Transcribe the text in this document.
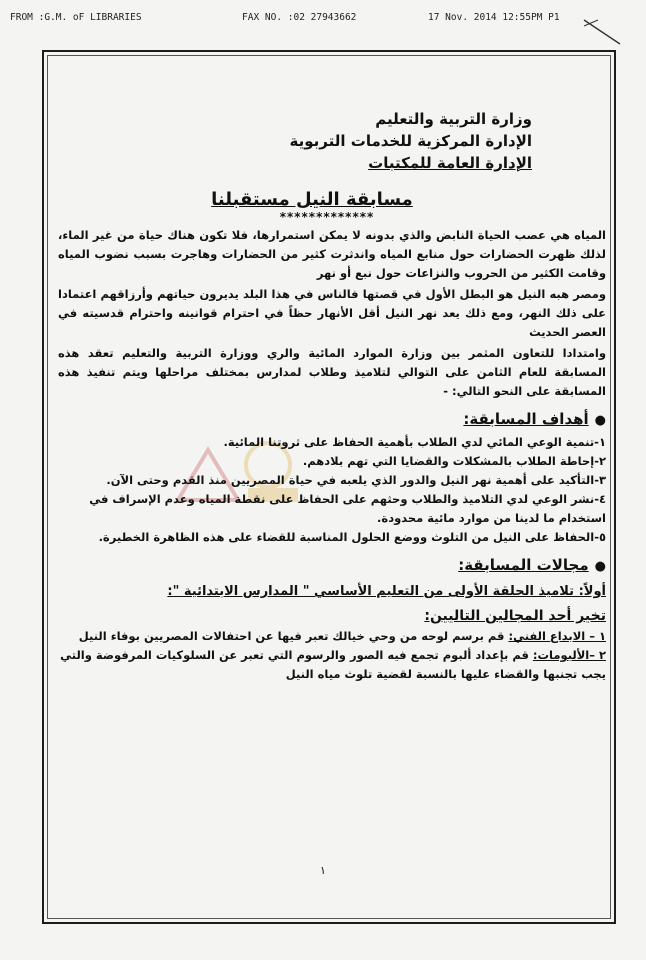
FROM :G.M. oF LIBRARIES	FAX NO. :02 27943662	17 Nov. 2014 12:55PM P1

وزارة التربية والتعليم

الإدارة المركزية للخدمات التربوية

الإدارة العامة للمكتبات

مسابقة النيل مستقبلنا
*************

المياه هي عصب الحياة النابض والذي بدونه لا يمكن استمرارها، فلا تكون هناك حياة من غير الماء، لذلك ظهرت الحضارات حول منابع المياه واندثرت كثير من الحضارات وهاجرت بسبب نضوب المياه وقامت الكثير من الحروب والنزاعات حول نبع أو نهر

ومصر هبه النيل هو البطل الأول في قصتها فالناس في هذا البلد يديرون حياتهم وأرزاقهم اعتمادا على ذلك النهر، ومع ذلك يعد نهر النيل أقل الأنهار حظاً في احترام قوانينه واحترام قدسيته في العصر الحديث

وامتدادا للتعاون المثمر بين وزارة الموارد المائية والري ووزارة التربية والتعليم تعقد هذه المسابقة للعام الثامن على التوالي لتلاميذ وطلاب لمدارس بمختلف مراحلها ويتم تنفيذ هذه المسابقة على النحو التالي: -

●أهداف المسابقة:

١-تنمية الوعي المائي لدي الطلاب بأهمية الحفاظ على ثروتنا المائية.

٢-إحاطة الطلاب بالمشكلات والقضايا التي تهم بلادهم.

٣-التأكيد على أهمية نهر النيل والدور الذي يلعبه في حياة المصريين منذ القدم وحتى الآن.

٤-نشر الوعي لدي التلاميذ والطلاب وحثهم على الحفاظ على نقطة المياه وعدم الإسراف في استخدام ما لدينا من موارد مائية محدودة.

٥-الحفاظ على النيل من التلوث ووضع الحلول المناسبة للقضاء على هذه الظاهرة الخطيرة.

●مجالات المسابقة:
أولاً: تلاميذ الحلقة الأولى من التعليم الأساسي " المدارس الابتدائية ":
تخير أحد المجالين التاليين:

١ – الابداع الفني: قم برسم لوحه من وحي خيالك تعبر فيها عن احتفالات المصريين بوفاء النيل

٢ –الألبومات: قم بإعداد ألبوم تجمع فيه الصور والرسوم التي تعبر عن السلوكيات المرفوضة والتي يجب تجنبها والقضاء عليها بالنسبة لقضية تلوث مياه النيل

١
